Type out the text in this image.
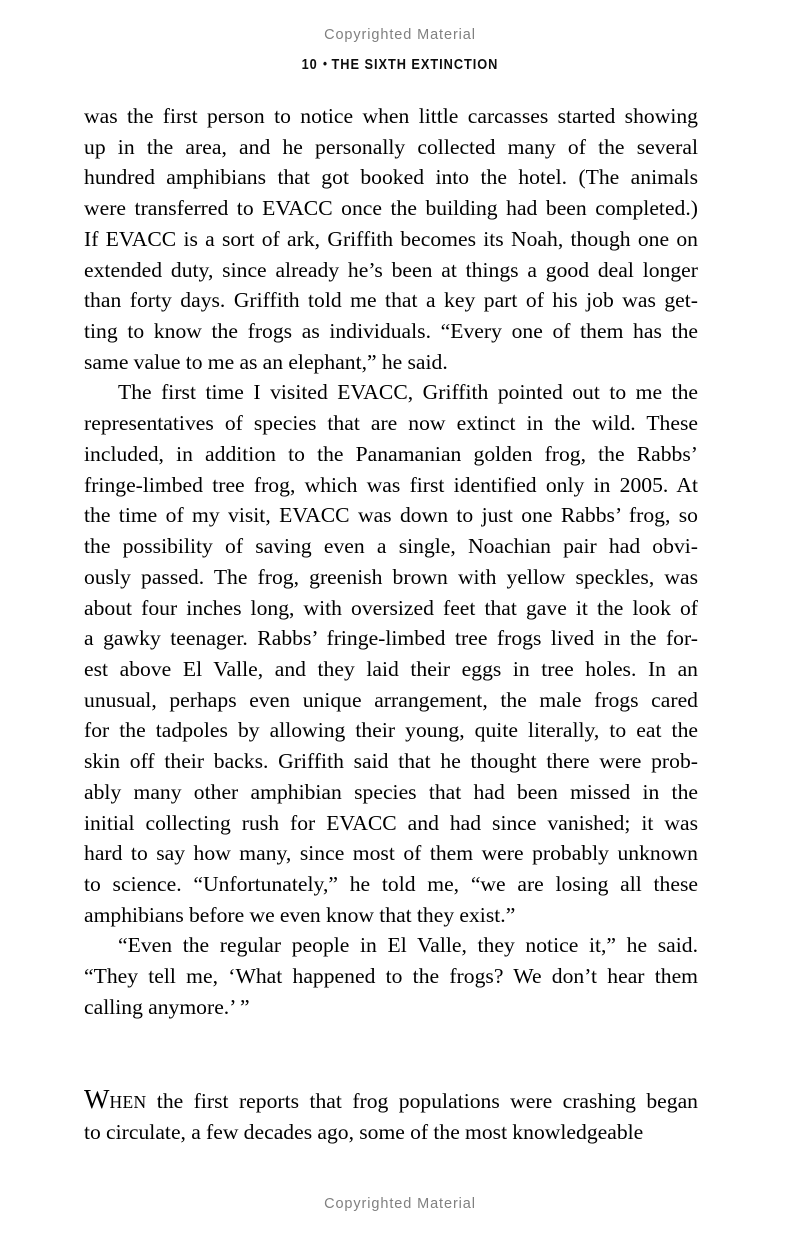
Copyrighted Material
10 • THE SIXTH EXTINCTION

was the first person to notice when little carcasses started showing
up in the area, and he personally collected many of the several
hundred amphibians that got booked into the hotel. (The animals
were transferred to EVACC once the building had been completed.)
If EVACC is a sort of ark, Griffith becomes its Noah, though one on
extended duty, since already he’s been at things a good deal longer
than forty days. Griffith told me that a key part of his job was get-
ting to know the frogs as individuals. “Every one of them has the
same value to me as an elephant,” he said.

The first time I visited EVACC, Griffith pointed out to me the
representatives of species that are now extinct in the wild. These
included, in addition to the Panamanian golden frog, the Rabbs’
fringe-limbed tree frog, which was first identified only in 2005. At
the time of my visit, EVACC was down to just one Rabbs’ frog, so
the possibility of saving even a single, Noachian pair had obvi-
ously passed. The frog, greenish brown with yellow speckles, was
about four inches long, with oversized feet that gave it the look of
a gawky teenager. Rabbs’ fringe-limbed tree frogs lived in the for-
est above El Valle, and they laid their eggs in tree holes. In an
unusual, perhaps even unique arrangement, the male frogs cared
for the tadpoles by allowing their young, quite literally, to eat the
skin off their backs. Griffith said that he thought there were prob-
ably many other amphibian species that had been missed in the
initial collecting rush for EVACC and had since vanished; it was
hard to say how many, since most of them were probably unknown
to science. “Unfortunately,” he told me, “we are losing all these
amphibians before we even know that they exist.”

“Even the regular people in El Valle, they notice it,” he said.
“They tell me, ‘What happened to the frogs? We don’t hear them
calling anymore.’ ”

WHEN the first reports that frog populations were crashing began
to circulate, a few decades ago, some of the most knowledgeable

Copyrighted Material
